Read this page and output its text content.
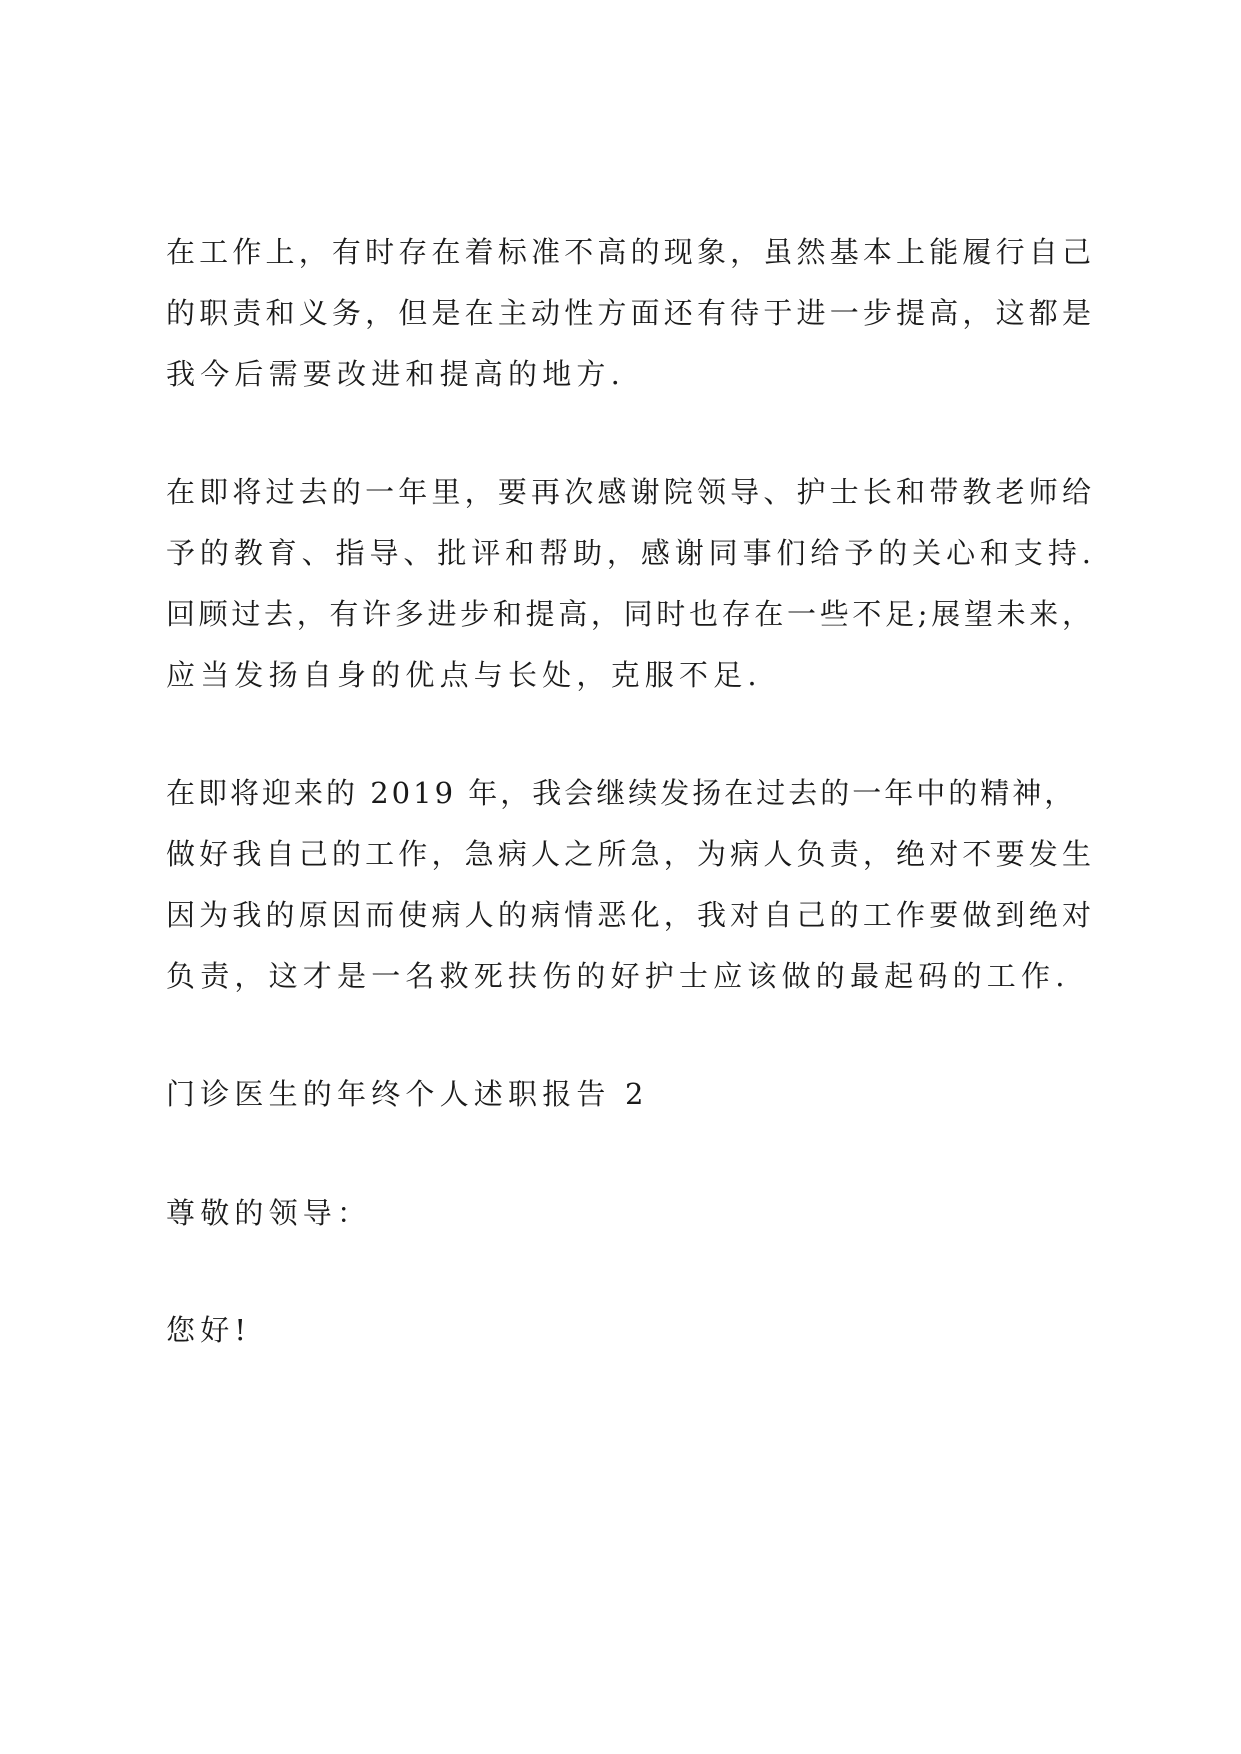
在工作上，有时存在着标准不高的现象，虽然基本上能履行自己
的职责和义务，但是在主动性方面还有待于进一步提高，这都是
我今后需要改进和提高的地方.
在即将过去的一年里，要再次感谢院领导、护士长和带教老师给
予的教育、指导、批评和帮助，感谢同事们给予的关心和支持.
回顾过去，有许多进步和提高，同时也存在一些不足;展望未来，
应当发扬自身的优点与长处，克服不足.
在即将迎来的 2019 年，我会继续发扬在过去的一年中的精神，
做好我自己的工作，急病人之所急，为病人负责，绝对不要发生
因为我的原因而使病人的病情恶化，我对自己的工作要做到绝对
负责，这才是一名救死扶伤的好护士应该做的最起码的工作.
门诊医生的年终个人述职报告 2
尊敬的领导：
您好!
